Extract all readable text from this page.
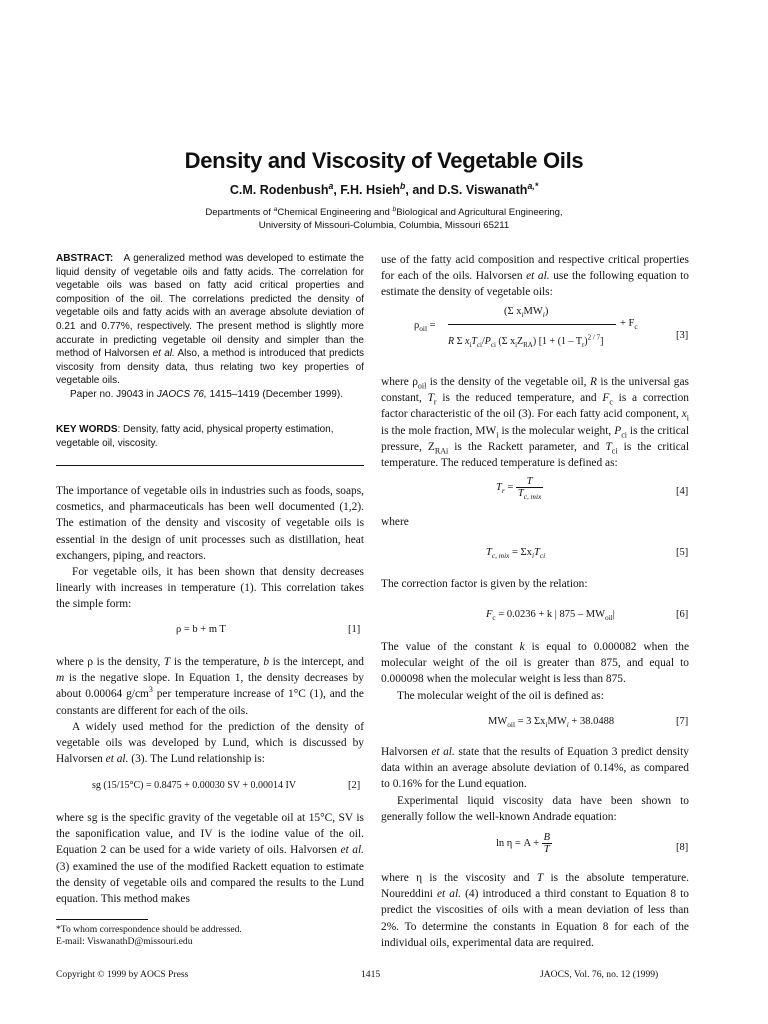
Density and Viscosity of Vegetable Oils
C.M. Rodenbush$^a$, F.H. Hsieh$^b$, and D.S. Viswanath$^{a,*}$
Departments of $^a$Chemical Engineering and $^b$Biological and Agricultural Engineering,
University of Missouri-Columbia, Columbia, Missouri 65211
ABSTRACT: A generalized method was developed to estimate the liquid density of vegetable oils and fatty acids. The correlation for vegetable oils was based on fatty acid critical properties and composition of the oil. The correlations predicted the density of vegetable oils and fatty acids with an average absolute deviation of 0.21 and 0.77%, respectively. The present method is slightly more accurate in predicting vegetable oil density and simpler than the method of Halvorsen et al. Also, a method is introduced that predicts viscosity from density data, thus relating two key properties of vegetable oils.
Paper no. J9043 in JAOCS 76, 1415–1419 (December 1999).
KEY WORDS: Density, fatty acid, physical property estimation, vegetable oil, viscosity.

The importance of vegetable oils in industries such as foods, soaps, cosmetics, and pharmaceuticals has been well documented (1,2). The estimation of the density and viscosity of vegetable oils is essential in the design of unit processes such as distillation, heat exchangers, piping, and reactors.

For vegetable oils, it has been shown that density decreases linearly with increases in temperature (1). This correlation takes the simple form:

ρ = b + m T	[1]

where ρ is the density, T is the temperature, b is the intercept, and m is the negative slope. In Equation 1, the density decreases by about 0.00064 $g/cm^3$ per temperature increase of 1°C (1), and the constants are different for each of the oils.

A widely used method for the prediction of the density of vegetable oils was developed by Lund, which is discussed by Halvorsen et al. (3). The Lund relationship is:

sg (15/15°C) = 0.8475 + 0.00030 SV + 0.00014 IV	[2]

where sg is the specific gravity of the vegetable oil at 15°C, SV is the saponification value, and IV is the iodine value of the oil. Equation 2 can be used for a wide variety of oils. Halvorsen et al. (3) examined the use of the modified Rackett equation to estimate the density of vegetable oils and compared the results to the Lund equation. This method makes

*To whom correspondence should be addressed.
E-mail: ViswanathD@missouri.edu

use of the fatty acid composition and respective critical properties for each of the oils. Halvorsen et al. use the following equation to estimate the density of vegetable oils:

$\rho_{oil}$ =
(Σ $x_iMW_i$)
+ $F_c$
R Σ $x_iT_{ci}/P_{ci}$ (Σ $x_iZ_{RA}$) $[1 + (1 - T_r)^{2 / 7}]$
[3]

where $\rho_{oil}$ is the density of the vegetable oil, R is the universal gas constant, $T_r$ is the reduced temperature, and $F_c$ is a correction factor characteristic of the oil (3). For each fatty acid component, $x_i$ is the mole fraction, $MW_i$ is the molecular weight, $P_{ci}$ is the critical pressure, $Z_{RAi}$ is the Rackett parameter, and $T_{ci}$ is the critical temperature. The reduced temperature is defined as:

$T_r = \frac{T}{T_{c, mix}}$	[4]
where
$T_{c, mix} = \Sigma x_iT_{ci}$	[5]
The correction factor is given by the relation:
$F_c = 0.0236 + k$ | $875 - MW_{oil}|$	[6]

The value of the constant k is equal to 0.000082 when the molecular weight of the oil is greater than 875, and equal to 0.000098 when the molecular weight is less than 875.

The molecular weight of the oil is defined as:

$MW_{oil} = 3$ $\Sigma x_iMW_i + 38.0488$	[7]

Halvorsen et al. state that the results of Equation 3 predict density data within an average absolute deviation of 0.14%, as compared to 0.16% for the Lund equation.

Experimental liquid viscosity data have been shown to generally follow the well-known Andrade equation:

$\ln \eta = A + \frac{B}{T}$	[8]

where η is the viscosity and T is the absolute temperature. Noureddini et al. (4) introduced a third constant to Equation 8 to predict the viscosities of oils with a mean deviation of less than 2%. To determine the constants in Equation 8 for each of the individual oils, experimental data are required.

Copyright © 1999 by AOCS Press	1415	JAOCS, Vol. 76, no. 12 (1999)
